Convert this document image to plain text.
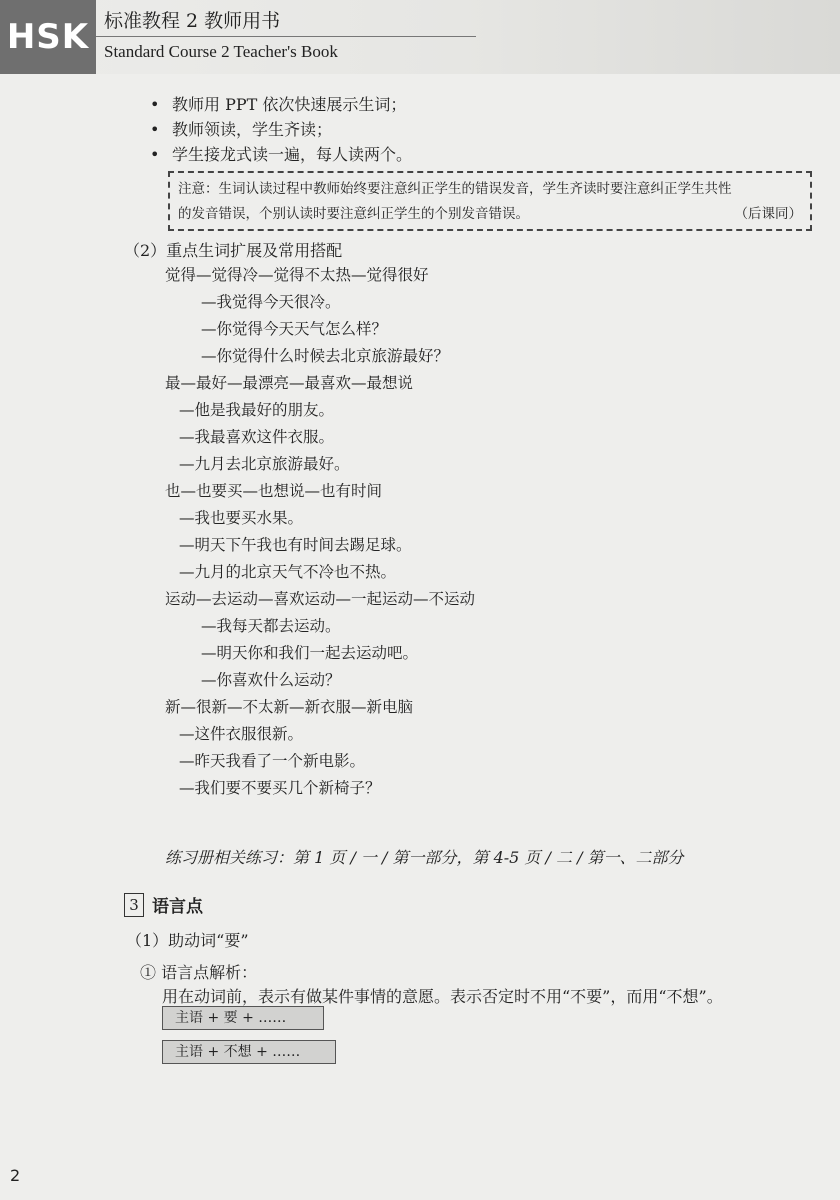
HSK 标准教程 2 教师用书
Standard Course 2 Teacher's Book
• 教师用 PPT 依次快速展示生词；
• 教师领读，学生齐读；
• 学生接龙式读一遍，每人读两个。
注意：生词认读过程中教师始终要注意纠正学生的错误发音，学生齐读时要注意纠正学生共性
的发音错误，个别认读时要注意纠正学生的个别发音错误。	（后课同）
（2）重点生词扩展及常用搭配
觉得—觉得冷—觉得不太热—觉得很好
—我觉得今天很冷。
—你觉得今天天气怎么样？
—你觉得什么时候去北京旅游最好？
最—最好—最漂亮—最喜欢—最想说
—他是我最好的朋友。
—我最喜欢这件衣服。
—九月去北京旅游最好。
也—也要买—也想说—也有时间
—我也要买水果。
—明天下午我也有时间去踢足球。
—九月的北京天气不冷也不热。
运动—去运动—喜欢运动—一起运动—不运动
—我每天都去运动。
—明天你和我们一起去运动吧。
—你喜欢什么运动？
新—很新—不太新—新衣服—新电脑
—这件衣服很新。
—昨天我看了一个新电影。
—我们要不要买几个新椅子？
练习册相关练习：第 1 页 / 一 / 第一部分，第 4-5 页 / 二 / 第一、二部分
3 语言点
（1）助动词“要”
① 语言点解析：
用在动词前，表示有做某件事情的意愿。表示否定时不用“不要”，而用“不想”。
主语 + 要 + ……
主语 + 不想 + ……
2
